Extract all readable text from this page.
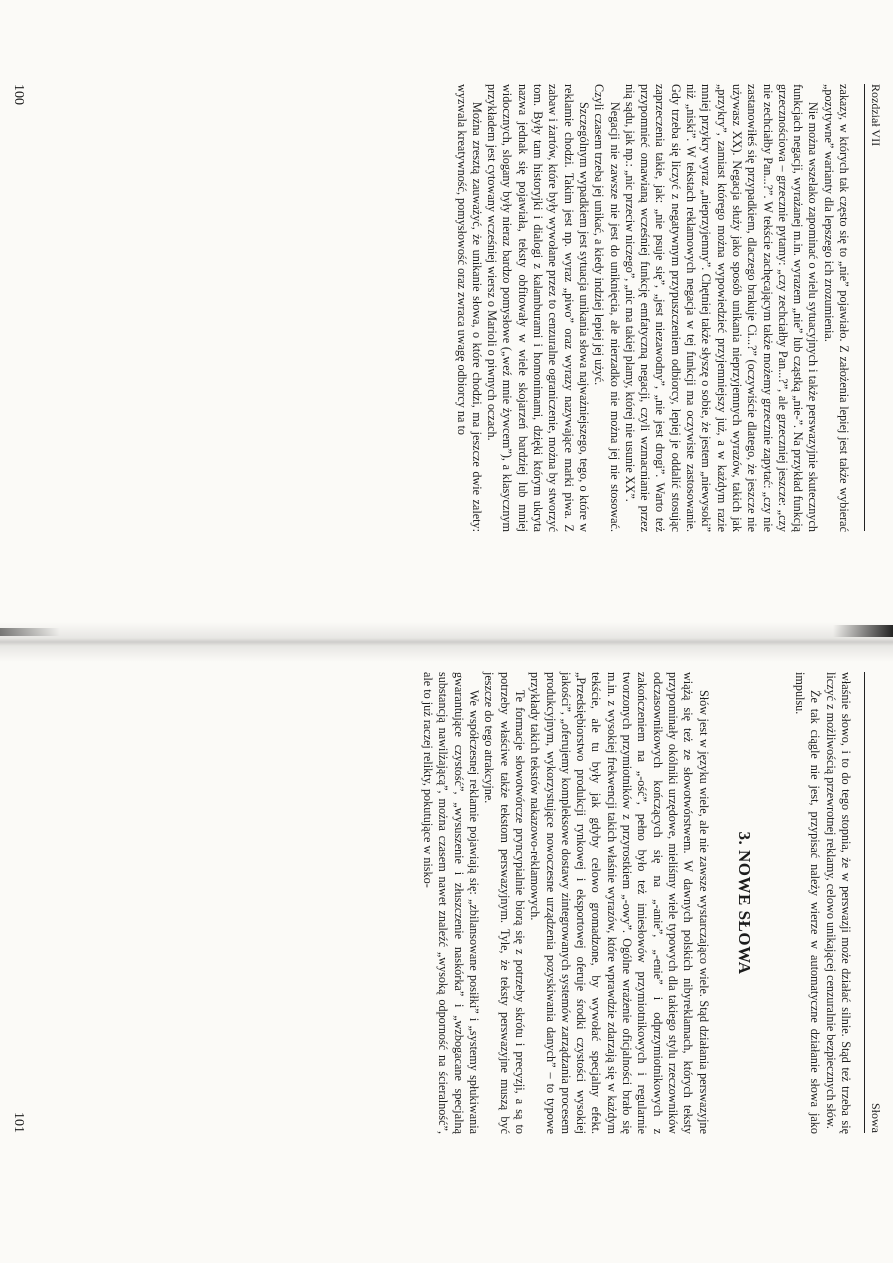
Rozdział VII

zakazy, w których tak często się to „nie” pojawiało. Z założenia lepiej jest także wybierać „pozytywne” warianty dla lepszego ich zrozumienia.

Nie można wszelako zapominać o wielu sytuacyjnych i także perswazyjnie skutecznych funkcjach negacji, wyrażanej m.in. wyrazem „nie” lub cząstką „nie-”. Na przykład funkcją grzecznościowa – grzecznie pytamy: „czy zechciałby Pan...?”, ale grzeczniej jeszcze: „czy nie zechciałby Pan...?”. W tekście zachęcającym także możemy grzecznie zapytać: „czy nie zastanowiłeś się przypadkiem, dlaczego brakuje Ci...?” (oczywiście dlatego, że jeszcze nie używasz XX). Negacja służy jako sposób unikania nieprzyjemnych wyrazów, takich jak „przykry”, zamiast którego można wypowiedzieć przyjemniejszy już, a w każdym razie mniej przykry wyraz „nieprzyjemny”. Chętniej także słyszę o sobie, że jestem „niewysoki” niż „niski”. W tekstach reklamowych negacja w tej funkcji ma oczywiste zastosowanie. Gdy trzeba się liczyć z negatywnym przypuszczeniem odbiorcy, lepiej je oddalić stosując zaprzeczenia takie, jak: „nie psuje się”, „jest niezawodny”, „nie jest drogi”. Warto też przypomnieć omawianą wcześniej funkcję emfatyczną negacji, czyli wzmacnianie przez nią sądu, jak np.: „nic przeciw niczego”, „nic ma takiej plamy, której nie usunie XX”.

Negacji nie zawsze nie jest do uniknięcia, ale nierzadko nie można jej nie stosować. Czyli czasem trzeba jej unikać, a kiedy indziej lepiej jej użyć.

Szczególnym wypadkiem jest sytuacja unikania słowa najważniejszego, tego, o które w reklamie chodzi. Takim jest np. wyraz „piwo” oraz wyrazy nazywające marki piwa. Z zabaw i żartów, które były wywołane przez to cenzuralne ograniczenie, można by stworzyć tom. Były tam historyjki i dialogi z kalamburami i homonimami, dzięki którym ukryta nazwa jednak się pojawiała, teksty obfitowały w wiele skojarzeń bardziej lub mniej widocznych, slogany były nieraz bardzo pomysłowe („weź mnie żywcem”), a klasycznym przykładem jest cytowany wcześniej wiersz o Marioli o piwnych oczach.

Można zresztą zauważyć, że unikanie słowa, o które chodzi, ma jeszcze dwie zalety: wyzwala kreatywność, pomysłowość oraz zwraca uwagę odbiorcy na to

100
Słowa

właśnie słowo, i to do tego stopnia, że w perswazji może działać silnie. Stąd też trzeba się liczyć z możliwością przewrotnej reklamy, celowo unikającej cenzuralnie bezpiecznych słów.

Że tak ciągle nie jest, przypisać należy wierze w automatyczne działanie słowa jako impulsu.

3. NOWE SŁOWA

Słów jest w języku wiele, ale nie zawsze wystarczająco wiele. Stąd działania perswazyjne wiążą się też ze słowotwórstwem. W dawnych polskich nibyreklamach, których teksty przypominały okólniki urzędowe, mieliśmy wiele typowych dla takiego stylu rzeczowników odczasownikowych kończących się na „-anie”, „-enie” i odprzymiotnikowych z zakończeniem na „-ość”, pełno było też imiesłowów przymiotnikowych i regularnie tworzonych przymiotników z przyrostkiem „-owy”. Ogólne wrażenie oficjalności brało się m.in. z wysokiej frekwencji takich właśnie wyrazów, które wprawdzie zdarzają się w każdym tekście, ale tu były jak gdyby celowo gromadzone, by wywołać specjalny efekt. „Przedsiębiorstwo produkcji rynkowej i eksportowej oferuje środki czystości wysokiej jakości”, „oferujemy kompleksowe dostawy zintegrowanych systemów zarządzania procesem produkcyjnym, wykorzystujące nowoczesne urządzenia pozyskiwania danych” – to typowe przykłady takich tekstów nakazowo-reklamowych.

Te formacje słowotwórcze pryncypialnie biorą się z potrzeby skrótu i precyzji, a są to potrzeby właściwe także tekstom perswazyjnym. Tyle, że teksty perswazyjne muszą być jeszcze do tego atrakcyjne.

We współczesnej reklamie pojawiają się: „zbilansowane posiłki” i „systemy spłukiwania gwarantujące czystość”, „wysuszenie i złuszczenie naskórka” i „wzbogacane specjalną substancją nawilżającą”, można czasem nawet znaleźć „wysoką odporność na ścieralność”, ale to już raczej relikty, pokutujące w nisko-

101
